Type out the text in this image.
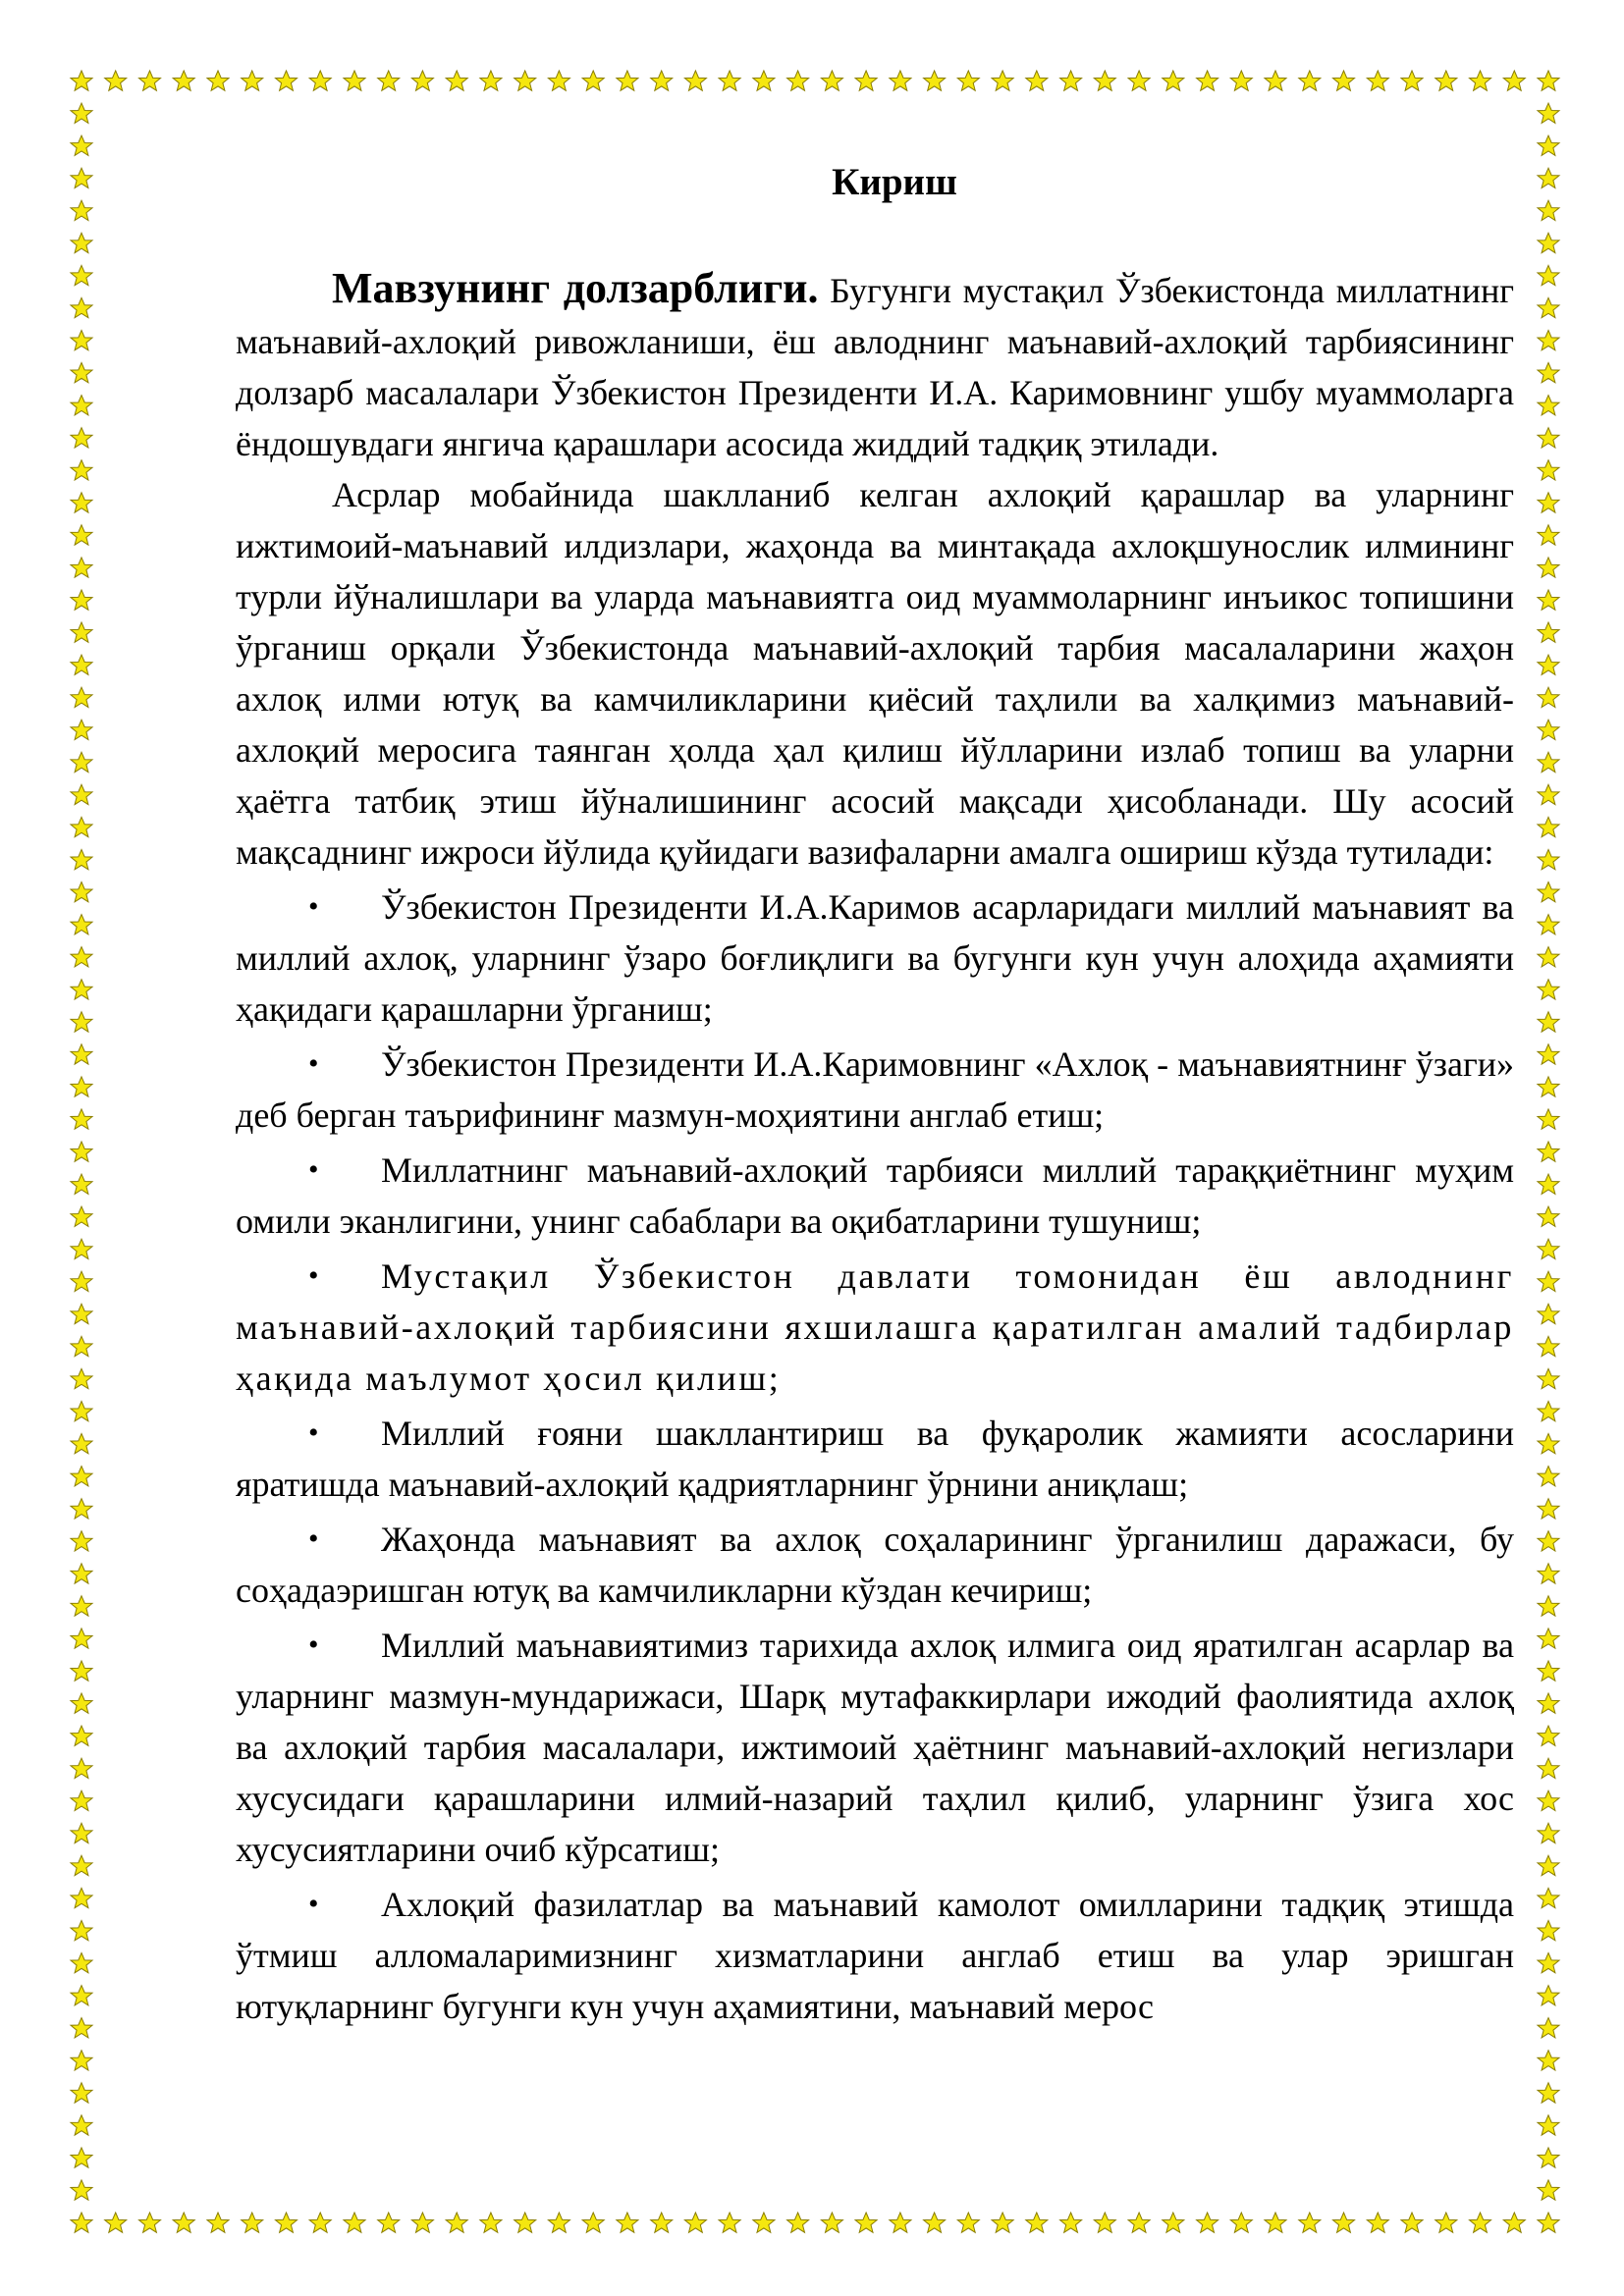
Кириш

Мавзунинг долзарблиги. Бугунги мустақил Ўзбекистонда миллатнинг маънавий-ахлоқий ривожланиши, ёш авлоднинг маънавий-ахлоқий тарбиясининг долзарб масалалари Ўзбекистон Президенти И.А. Каримовнинг ушбу муаммоларга ёндошувдаги янгича қарашлари асосида жиддий тадқиқ этилади.

Асрлар мобайнида шаклланиб келган ахлоқий қарашлар ва уларнинг ижтимоий-маънавий илдизлари, жаҳонда ва минтақада ахлоқшунослик илмининг турли йўналишлари ва уларда маънавиятга оид муаммоларнинг инъикос топишини ўрганиш орқали Ўзбекистонда маънавий-ахлоқий тарбия масалаларини жаҳон ахлоқ илми ютуқ ва камчиликларини қиёсий таҳлили ва халқимиз маънавий-ахлоқий меросига таянган ҳолда ҳал қилиш йўлларини излаб топиш ва уларни ҳаётга татбиқ этиш йўналишининг асосий мақсади ҳисобланади. Шу асосий мақсаднинг ижроси йўлида қуйидаги вазифаларни амалга ошириш кўзда тутилади:

• Ўзбекистон Президенти И.А.Каримов асарларидаги миллий маънавият ва миллий ахлоқ, уларнинг ўзаро боғлиқлиги ва бугунги кун учун алоҳида аҳамияти ҳақидаги қарашларни ўрганиш;
• Ўзбекистон Президенти И.А.Каримовнинг «Ахлоқ - маънавиятнинғ ўзаги» деб берган таърифининғ мазмун-моҳиятини англаб етиш;
• Миллатнинг маънавий-ахлоқий тарбияси миллий тараққиётнинг муҳим омили эканлигини, унинг сабаблари ва оқибатларини тушуниш;
• Мустақил Ўзбекистон давлати томонидан ёш авлоднинг маънавий-ахлоқий тарбиясини яхшилашга қаратилган амалий тадбирлар ҳақида маълумот ҳосил қилиш;
• Миллий ғояни шакллантириш ва фуқаролик жамияти асосларини яратишда маънавий-ахлоқий қадриятларнинг ўрнини аниқлаш;
• Жаҳонда маънавият ва ахлоқ соҳаларининг ўрганилиш даражаси, бу соҳадаэришган ютуқ ва камчиликларни кўздан кечириш;
• Миллий маънавиятимиз тарихида ахлоқ илмига оид яратилган асарлар ва уларнинг мазмун-мундарижаси, Шарқ мутафаккирлари ижодий фаолиятида ахлоқ ва ахлоқий тарбия масалалари, ижтимоий ҳаётнинг маънавий-ахлоқий негизлари хусусидаги қарашларини илмий-назарий таҳлил қилиб, уларнинг ўзига хос хусусиятларини очиб кўрсатиш;
• Ахлоқий фазилатлар ва маънавий камолот омилларини тадқиқ этишда ўтмиш алломаларимизнинг хизматларини англаб етиш ва улар эришган ютуқларнинг бугунги кун учун аҳамиятини, маънавий мерос
